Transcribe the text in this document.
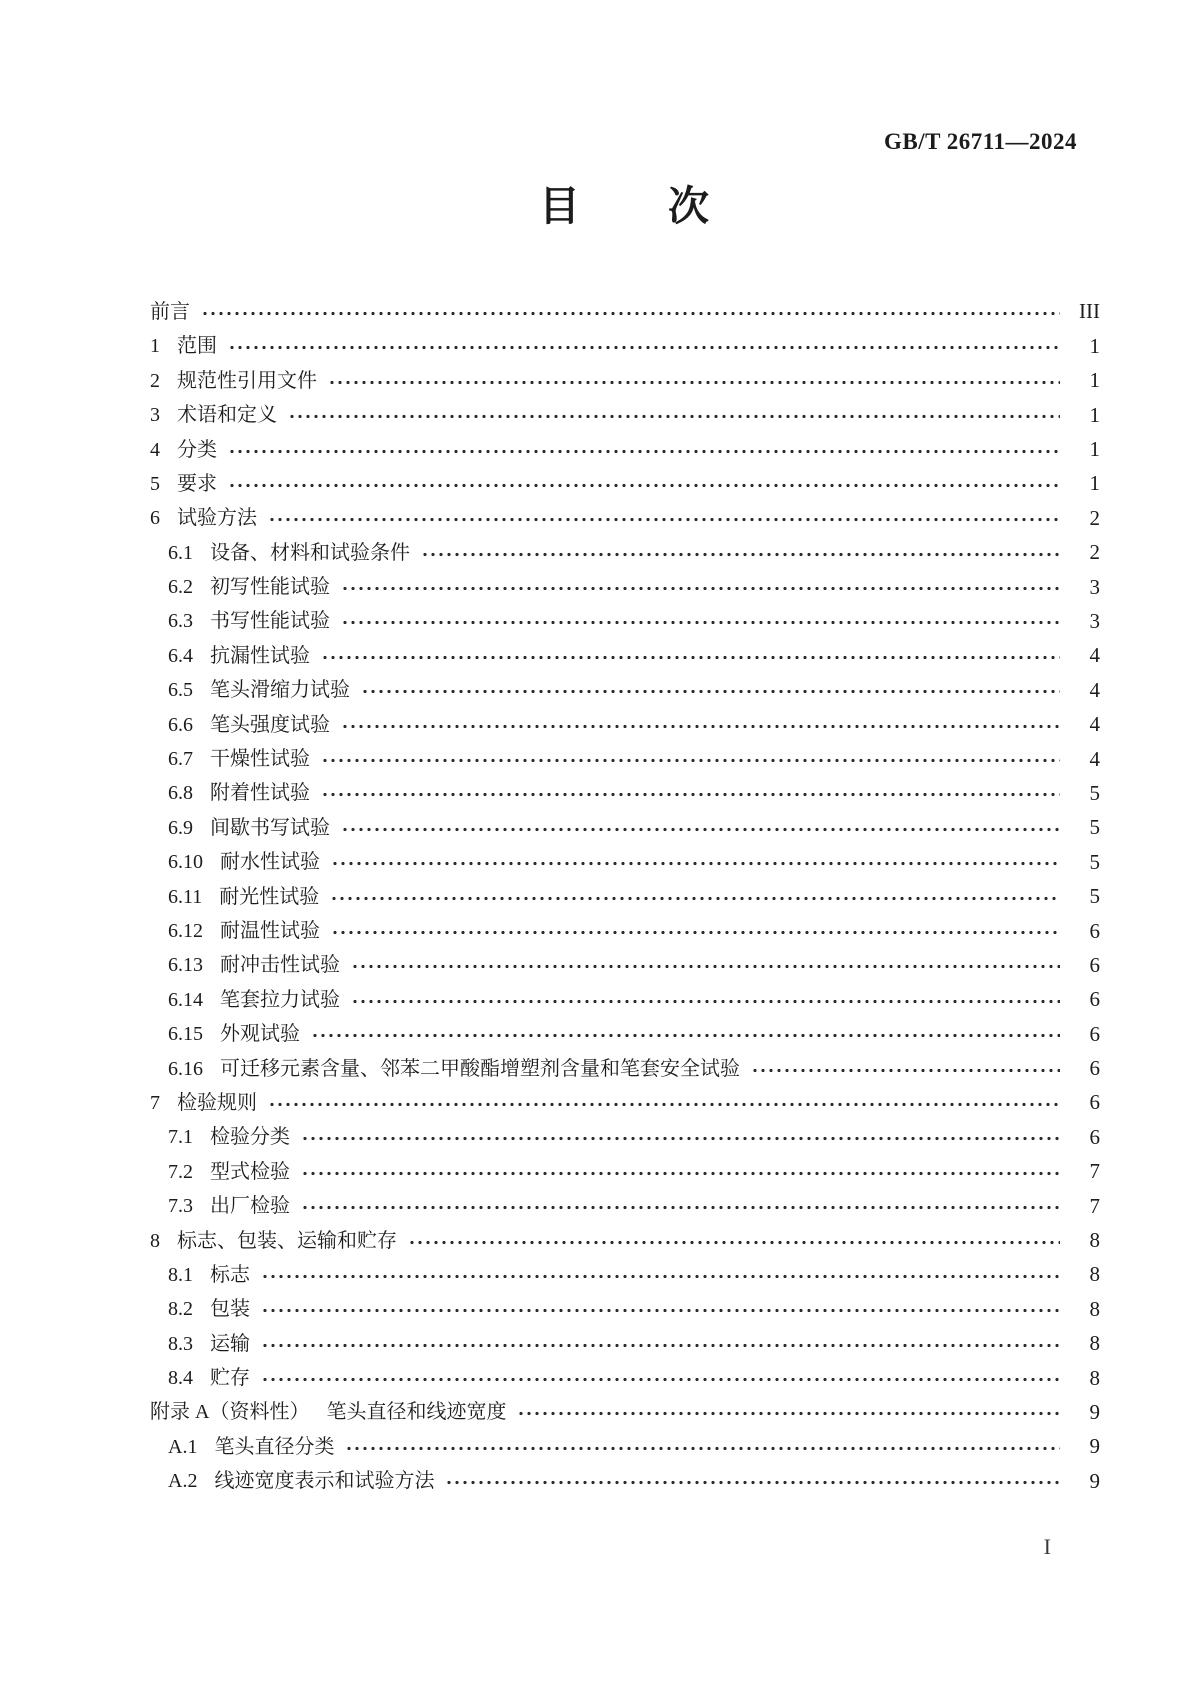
GB/T 26711—2024
目　　次
前言	III
1 范围	1
2 规范性引用文件	1
3 术语和定义	1
4 分类	1
5 要求	1
6 试验方法	2
6.1 设备、材料和试验条件	2
6.2 初写性能试验	3
6.3 书写性能试验	3
6.4 抗漏性试验	4
6.5 笔头滑缩力试验	4
6.6 笔头强度试验	4
6.7 干燥性试验	4
6.8 附着性试验	5
6.9 间歇书写试验	5
6.10 耐水性试验	5
6.11 耐光性试验	5
6.12 耐温性试验	6
6.13 耐冲击性试验	6
6.14 笔套拉力试验	6
6.15 外观试验	6
6.16 可迁移元素含量、邻苯二甲酸酯增塑剂含量和笔套安全试验	6
7 检验规则	6
7.1 检验分类	6
7.2 型式检验	7
7.3 出厂检验	7
8 标志、包装、运输和贮存	8
8.1 标志	8
8.2 包装	8
8.3 运输	8
8.4 贮存	8
附录 A（资料性） 笔头直径和线迹宽度	9
A.1 笔头直径分类	9
A.2 线迹宽度表示和试验方法	9
I
